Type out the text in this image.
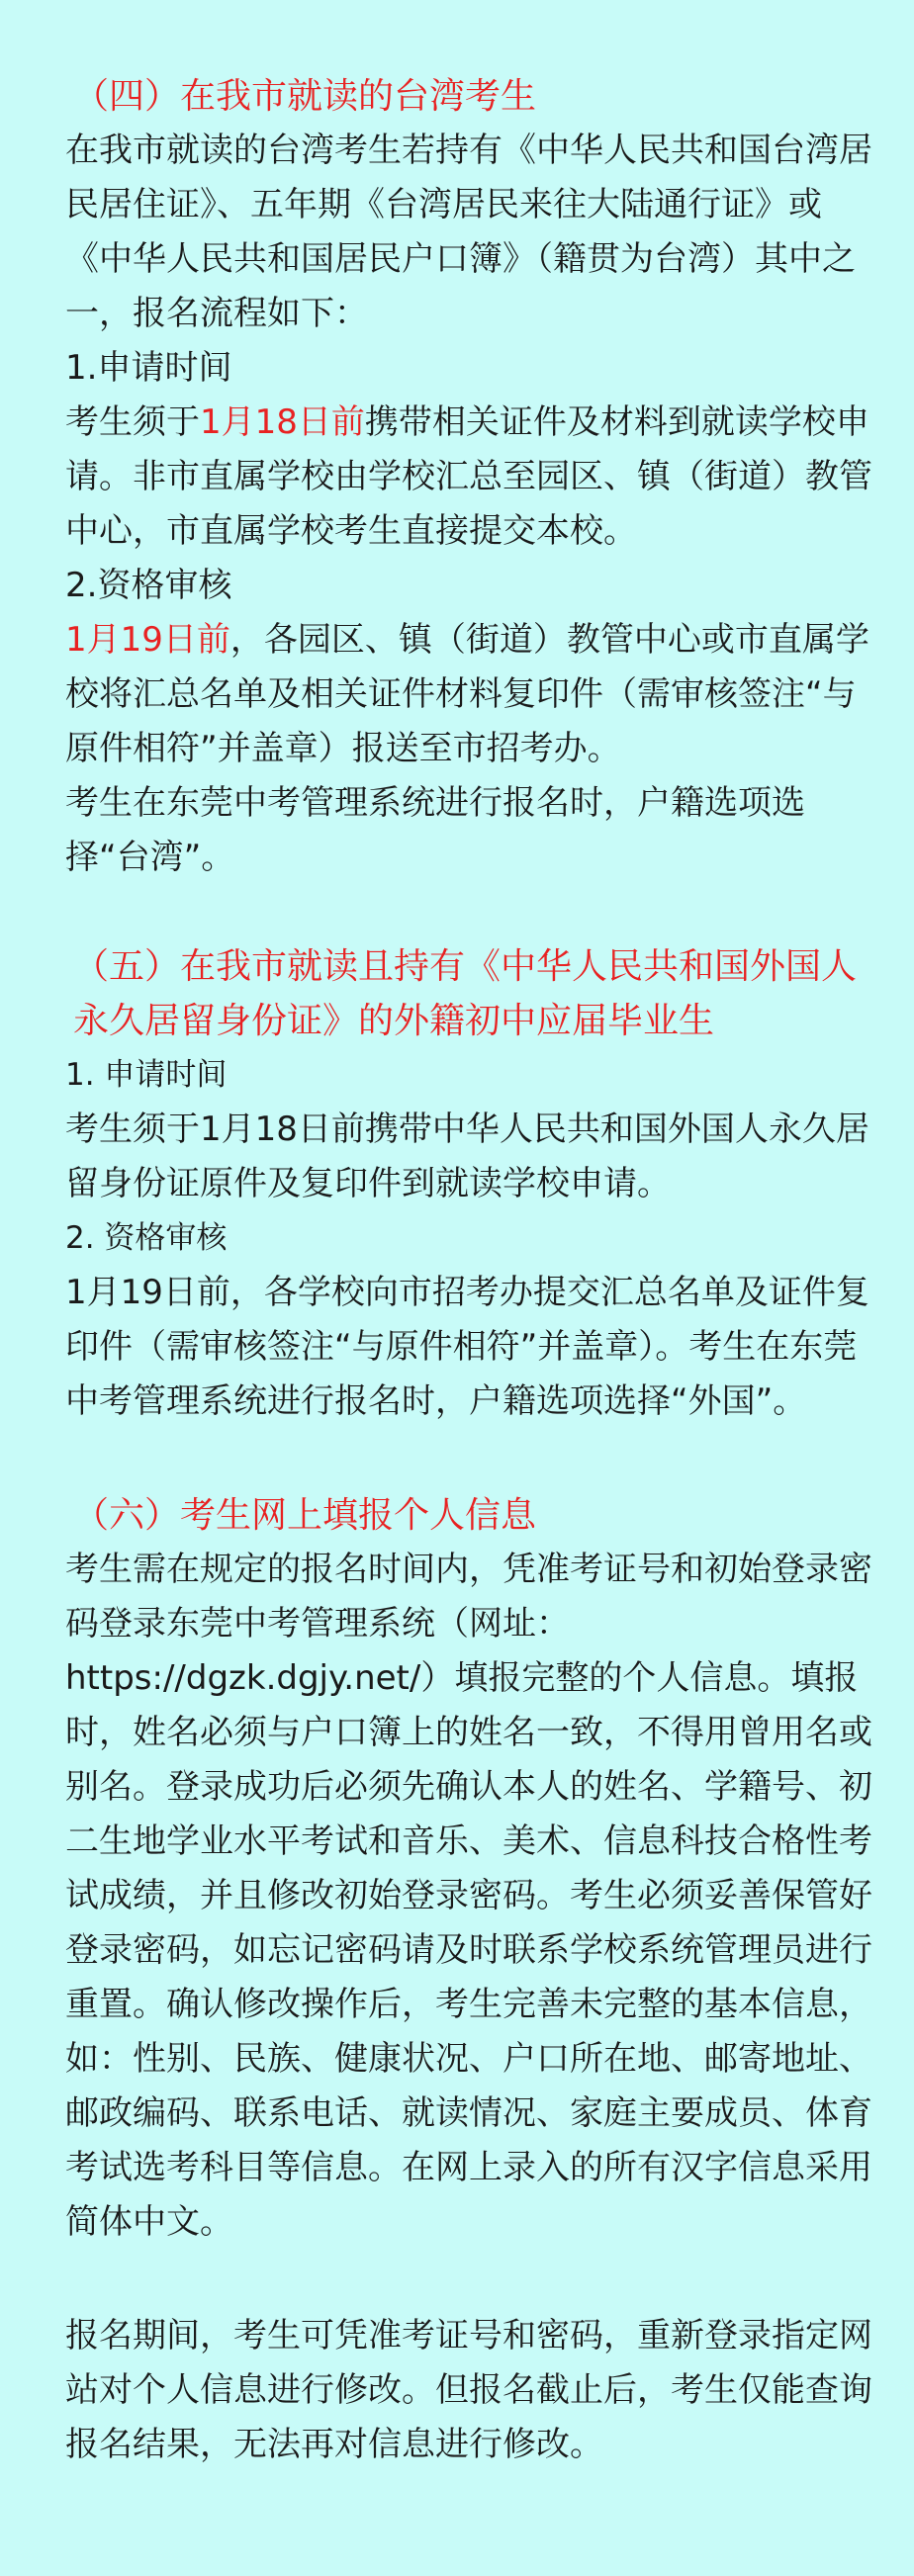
（四）在我市就读的台湾考生

在我市就读的台湾考生若持有《中华人民共和国台湾居民居住证》、五年期《台湾居民来往大陆通行证》或《中华人民共和国居民户口簿》（籍贯为台湾）其中之一，报名流程如下：

1.申请时间

考生须于1月18日前携带相关证件及材料到就读学校申请。非市直属学校由学校汇总至园区、镇（街道）教管中心，市直属学校考生直接提交本校。

2.资格审核

1月19日前，各园区、镇（街道）教管中心或市直属学校将汇总名单及相关证件材料复印件（需审核签注“与原件相符”并盖章）报送至市招考办。

考生在东莞中考管理系统进行报名时，户籍选项选择“台湾”。

（五）在我市就读且持有《中华人民共和国外国人永久居留身份证》的外籍初中应届毕业生

1. 申请时间

考生须于1月18日前携带中华人民共和国外国人永久居留身份证原件及复印件到就读学校申请。

2. 资格审核

1月19日前，各学校向市招考办提交汇总名单及证件复印件（需审核签注“与原件相符”并盖章）。考生在东莞中考管理系统进行报名时，户籍选项选择“外国”。

（六）考生网上填报个人信息

考生需在规定的报名时间内，凭准考证号和初始登录密码登录东莞中考管理系统（网址：https://dgzk.dgjy.net/）填报完整的个人信息。填报时，姓名必须与户口簿上的姓名一致，不得用曾用名或别名。登录成功后必须先确认本人的姓名、学籍号、初二生地学业水平考试和音乐、美术、信息科技合格性考试成绩，并且修改初始登录密码。考生必须妥善保管好登录密码，如忘记密码请及时联系学校系统管理员进行重置。确认修改操作后，考生完善未完整的基本信息，如：性别、民族、健康状况、户口所在地、邮寄地址、邮政编码、联系电话、就读情况、家庭主要成员、体育考试选考科目等信息。在网上录入的所有汉字信息采用简体中文。

报名期间，考生可凭准考证号和密码，重新登录指定网站对个人信息进行修改。但报名截止后，考生仅能查询报名结果，无法再对信息进行修改。
